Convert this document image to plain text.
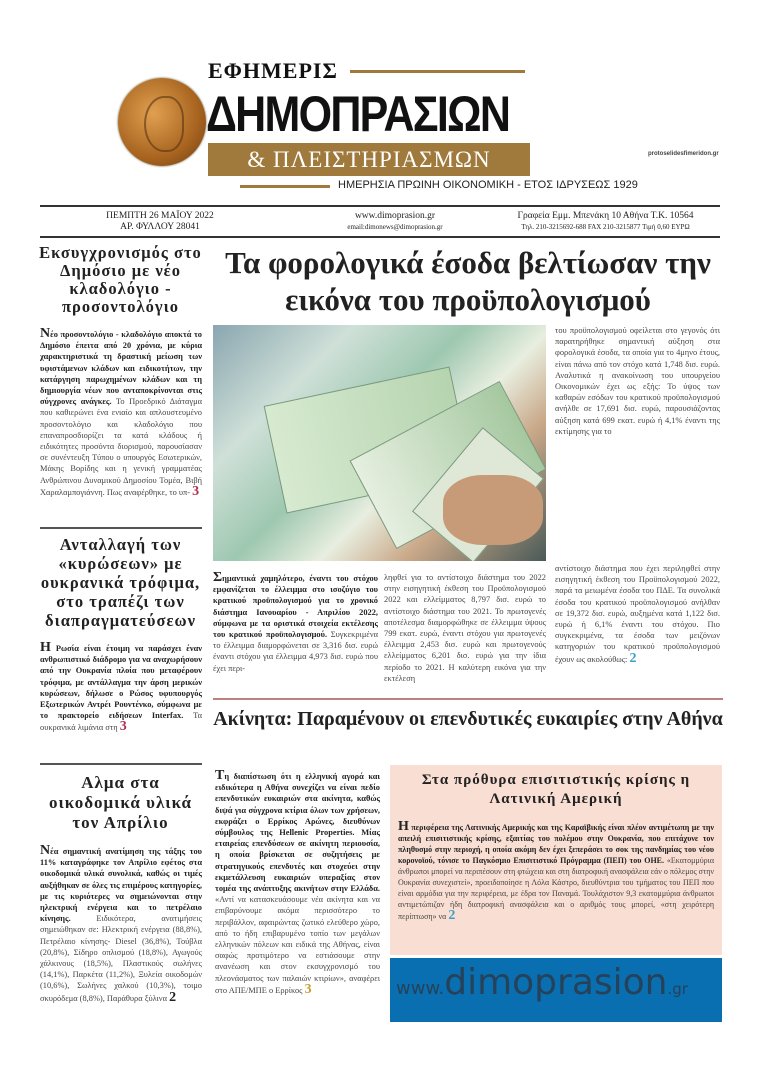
ΕΦΗΜΕΡΙΣ
ΔΗΜΟΠΡΑΣΙΩΝ
& ΠΛΕΙΣΤΗΡΙΑΣΜΩΝ
ΗΜΕΡΗΣΙΑ ΠΡΩΙΝΗ ΟΙΚΟΝΟΜΙΚΗ - ΕΤΟΣ ΙΔΡΥΣΕΩΣ 1929
protoselidesfimeridon.gr
ΠΕΜΠΤΗ 26 ΜΑΪΟΥ 2022
ΑΡ. ΦΥΛΛΟΥ 28041
www.dimoprasion.gr
email:dimonews@dimoprasion.gr
Γραφεία Εμμ. Μπενάκη 10 Αθήνα Τ.Κ. 10564
Τηλ. 210-3215692-688 FAX 210-3215877 Τιμή 0,60 ΕΥΡΩ
Εκσυγχρονισμός στο Δημόσιο με νέο κλαδολόγιο - προσοντολόγιο
Νέο προσοντολόγιο - κλαδολόγιο αποκτά το Δημόσιο έπειτα από 20 χρόνια, με κύρια χαρακτηριστικά τη δραστική μείωση των υφιστάμενων κλάδων και ειδικοτήτων, την κατάργηση παρωχημένων κλάδων και τη δημιουργία νέων που ανταποκρίνονται στις σύγχρονες ανάγκες. Το Προεδρικό Διάταγμα που καθιερώνει ένα ενιαίο και απλουστευμένο προσοντολόγιο και κλαδολόγιο που επαναπροσδιορίζει τα κατά κλάδους ή ειδικότητες προσόντα διορισμού, παρουσίασαν σε συνέντευξη Τύπου ο υπουργός Εσωτερικών, Μάκης Βορίδης και η γενική γραμματέας Ανθρώπινου Δυναμικού Δημοσίου Τομέα, Βιβή Χαραλαμπογιάννη. Πως αναφέρθηκε, το υπ- 3
Ανταλλαγή των «κυρώσεων» με ουκρανικά τρόφιμα, στο τραπέζι των διαπραγματεύσεων
Η Ρωσία είναι έτοιμη να παράσχει έναν ανθρωπιστικό διάδρομο για να αναχωρήσουν από την Ουκρανία πλοία που μεταφέρουν τρόφιμα, με αντάλλαγμα την άρση μερικών κυρώσεων, δήλωσε ο Ρώσος υφυπουργός Εξωτερικών Αντρέι Ρουντένκο, σύμφωνα με το πρακτορείο ειδήσεων Interfax. Τα ουκρανικά λιμάνια στη 3
Αλμα στα οικοδομικά υλικά τον Απρίλιο
Νέα σημαντική ανατίμηση της τάξης του 11% καταγράφηκε τον Απρίλιο εφέτος στα οικοδομικά υλικά συνολικά, καθώς οι τιμές αυξήθηκαν σε όλες τις επιμέρους κατηγορίες, με τις κυριότερες να σημειώνονται στην ηλεκτρική ενέργεια και το πετρέλαιο κίνησης.	Ειδικότερα, ανατιμήσεις σημειώθηκαν σε: Ηλεκτρική ενέργεια (88,8%), Πετρέλαιο κίνησης- Diesel (36,8%), Τούβλα (20,8%), Σίδηρο οπλισμού (18,8%), Αγωγούς χάλκινους (18,5%), Πλαστικούς σωλήνες (14,1%), Παρκέτα (11,2%), Ξυλεία οικοδομών (10,6%), Σωλήνες χαλκού (10,3%), τοιμο σκυρόδεμα (8,8%), Παράθυρα ξύλινα 2
Τα φορολογικά έσοδα βελτίωσαν την εικόνα του προϋπολογισμού
του προϋπολογισμού οφείλεται στο γεγονός ότι παρατηρήθηκε σημαντική αύξηση στα φορολογικά έσοδα, τα οποία για το 4μηνο έτους, είναι πάνω από τον στόχο κατά 1,748 δισ. ευρώ. Αναλυτικά η ανακοίνωση του υπουργείου Οικονομικών έχει ως εξής: Το ύψος των καθαρών εσόδων του κρατικού προϋπολογισμού ανήλθε σε 17,691 δισ. ευρώ, παρουσιάζοντας αύξηση κατά 699 εκατ. ευρώ ή 4,1% έναντι της εκτίμησης για το
Σημαντικά χαμηλότερο, έναντι του στόχου εμφανίζεται το έλλειμμα στο ισοζύγιο του κρατικού προϋπολογισμού για το χρονικό διάστημα Ιανουαρίου - Απριλίου 2022, σύμφωνα με τα οριστικά στοιχεία εκτέλεσης του κρατικού προϋπολογισμού. Συγκεκριμένα το έλλειμμα διαμορφώνεται σε 3,316 δισ. ευρώ έναντι στόχου για έλλειμμα 4,973 δισ. ευρώ που έχει περι-
ληφθεί για το αντίστοιχο διάστημα του 2022 στην εισηγητική έκθεση του Προϋπολογισμού 2022 και ελλείμματος 8,797 δισ. ευρώ το αντίστοιχο διάστημα του 2021. Το πρωτογενές αποτέλεσμα διαμορφώθηκε σε έλλειμμα ύψους 799 εκατ. ευρώ, έναντι στόχου για πρωτογενές έλλειμμα 2,453 δισ. ευρώ και πρωτογενούς ελλείμματος 6,201 δισ. ευρώ για την ίδια περίοδο το 2021. Η καλύτερη εικόνα για την εκτέλεση
αντίστοιχο διάστημα που έχει περιληφθεί στην εισηγητική έκθεση του Προϋπολογισμού 2022, παρά τα μειωμένα έσοδα του ΠΔΕ. Τα συνολικά έσοδα του κρατικού προϋπολογισμού ανήλθαν σε 19,372 δισ. ευρώ, αυξημένα κατά 1,122 δισ. ευρώ ή 6,1% έναντι του στόχου. Πιο συγκεκριμένα, τα έσοδα των μειζόνων κατηγοριών του κρατικού προϋπολογισμού έχουν ως ακολούθως: 2
Ακίνητα: Παραμένουν οι επενδυτικές ευκαιρίες στην Αθήνα
Τη διαπίστωση ότι η ελληνική αγορά και ειδικότερα η Αθήνα συνεχίζει να είναι πεδίο επενδυτικών ευκαιριών στα ακίνητα, καθώς διψά για σύγχρονα κτίρια όλων των χρήσεων, εκφράζει ο Ερρίκος Αρώνες, διευθύνων σύμβουλος της Hellenic Properties. Μίας εταιρείας επενδύσεων σε ακίνητη περιουσία, η οποία βρίσκεται σε συζητήσεις με στρατηγικούς επενδυτές και στοχεύει στην εκμετάλλευση ευκαιριών υπεραξίας στον τομέα της ανάπτυξης ακινήτων στην Ελλάδα. «Αντί να κατασκευάσουμε νέα ακίνητα και να επιβαρύνουμε ακόμα περισσότερο το περιβάλλον, αφαιρώντας ζωτικό ελεύθερο χώρο, από το ήδη επιβαρυμένο τοπίο των μεγάλων ελληνικών πόλεων και ειδικά της Αθήνας, είναι σαφώς προτιμότερο να εστιάσουμε στην ανανέωση και στον εκσυγχρονισμό του πλεονάσματος των παλαιών κτιρίων», αναφέρει στο ΑΠΕ/ΜΠΕ ο Ερρίκος 3
Στα πρόθυρα επισιτιστικής κρίσης η Λατινική Αμερική
Η περιφέρεια της Λατινικής Αμερικής και της Καραϊβικής είναι πλέον αντιμέτωπη με την απειλή επισιτιστικής κρίσης, εξαιτίας του πολέμου στην Ουκρανία, που επιτάχυνε τον πληθυσμό στην περιοχή, η οποία ακόμη δεν έχει ξεπεράσει το σοκ της πανδημίας του νέου κορονοϊού, τόνισε το Παγκόσμιο Επισιτιστικό Πρόγραμμα (ΠΕΠ) του ΟΗΕ. «Εκατομμύρια άνθρωποι μπορεί να περιπέσουν στη φτώχεια και στη διατροφική ανασφάλεια εάν ο πόλεμος στην Ουκρανία συνεχιστεί», προειδοποίησε η Λόλα Κάστρο, διευθύντρια του τμήματος του ΠΕΠ που είναι αρμόδια για την περιφέρεια, με έδρα τον Παναμά. Τουλάχιστον 9,3 εκατομμύρια άνθρωποι αντιμετώπιζαν ήδη διατροφική ανασφάλεια και ο αριθμός τους μπορεί, «στη χειρότερη περίπτωση» να 2
www.dimoprasion.gr
